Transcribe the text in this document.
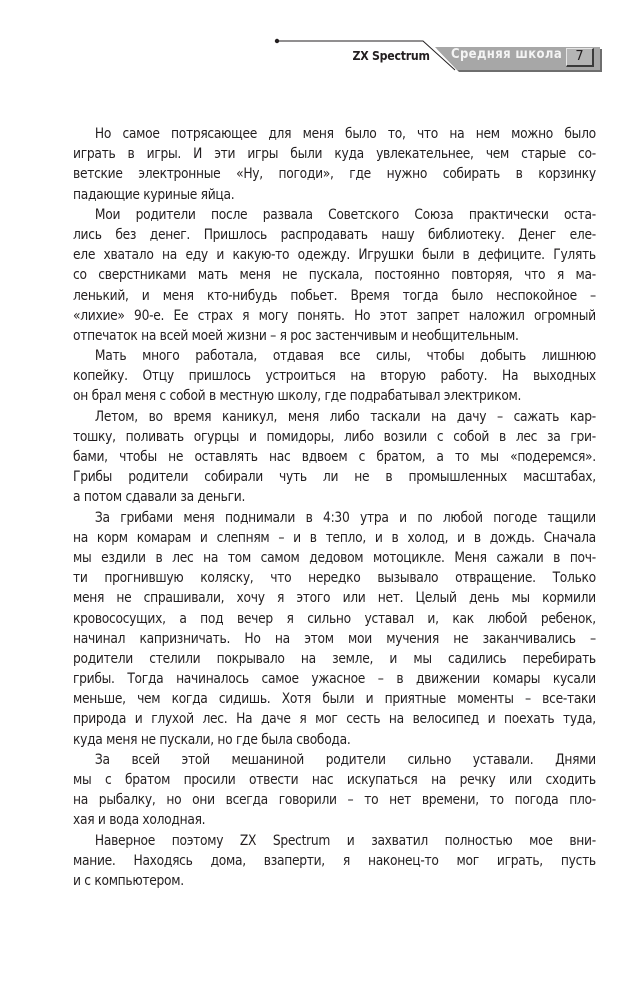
ZX Spectrum Средняя школа	7
Но самое потрясающее для меня было то, что на нем можно было
играть в игры. И эти игры были куда увлекательнее, чем старые со-
ветские электронные «Ну, погоди», где нужно собирать в корзинку
падающие куриные яйца.
Мои родители после развала Советского Союза практически оста-
лись без денег. Пришлось распродавать нашу библиотеку. Денег еле-
еле хватало на еду и какую-то одежду. Игрушки были в дефиците. Гулять
со сверстниками мать меня не пускала, постоянно повторяя, что я ма-
ленький, и меня кто-нибудь побьет. Время тогда было неспокойное –
«лихие» 90-е. Ее страх я могу понять. Но этот запрет наложил огромный
отпечаток на всей моей жизни – я рос застенчивым и необщительным.
Мать много работала, отдавая все силы, чтобы добыть лишнюю
копейку. Отцу пришлось устроиться на вторую работу. На выходных
он брал меня с собой в местную школу, где подрабатывал электриком.
Летом, во время каникул, меня либо таскали на дачу – сажать кар-
тошку, поливать огурцы и помидоры, либо возили с собой в лес за гри-
бами, чтобы не оставлять нас вдвоем с братом, а то мы «подеремся».
Грибы родители собирали чуть ли не в промышленных масштабах,
а потом сдавали за деньги.
За грибами меня поднимали в 4:30 утра и по любой погоде тащили
на корм комарам и слепням – и в тепло, и в холод, и в дождь. Сначала
мы ездили в лес на том самом дедовом мотоцикле. Меня сажали в поч-
ти прогнившую коляску, что нередко вызывало отвращение. Только
меня не спрашивали, хочу я этого или нет. Целый день мы кормили
кровососущих, а под вечер я сильно уставал и, как любой ребенок,
начинал капризничать. Но на этом мои мучения не заканчивались –
родители стелили покрывало на земле, и мы садились перебирать
грибы. Тогда начиналось самое ужасное – в движении комары кусали
меньше, чем когда сидишь. Хотя были и приятные моменты – все-таки
природа и глухой лес. На даче я мог сесть на велосипед и поехать туда,
куда меня не пускали, но где была свобода.
За всей этой мешаниной родители сильно уставали. Днями
мы с братом просили отвести нас искупаться на речку или сходить
на рыбалку, но они всегда говорили – то нет времени, то погода пло-
хая и вода холодная.
Наверное поэтому ZX Spectrum и захватил полностью мое вни-
мание. Находясь дома, взаперти, я наконец-то мог играть, пусть
и с компьютером.
